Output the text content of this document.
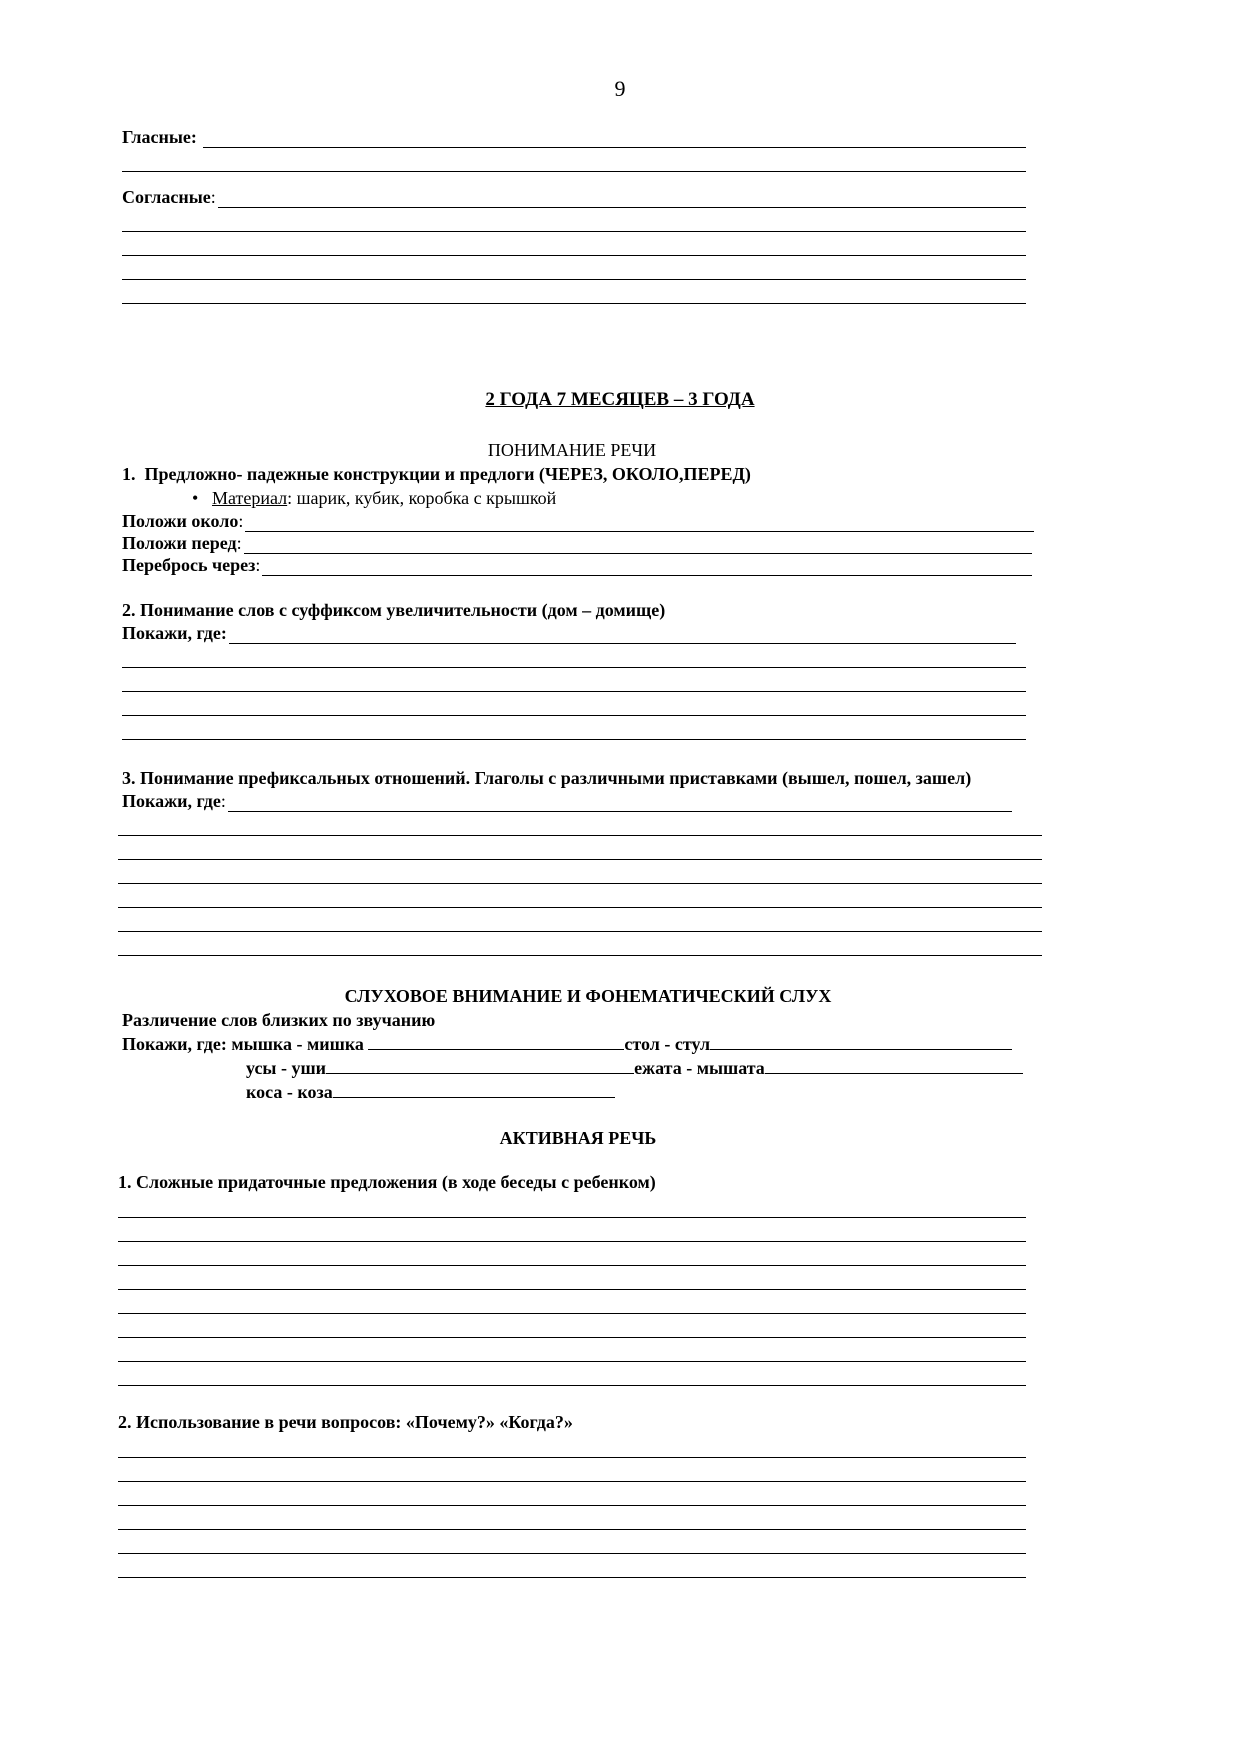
9
Гласные:
Согласные:
2 ГОДА 7 МЕСЯЦЕВ – 3 ГОДА
ПОНИМАНИЕ РЕЧИ
1. Предложно- падежные конструкции и предлоги (ЧЕРЕЗ, ОКОЛО,ПЕРЕД)
• Материал: шарик, кубик, коробка с крышкой
Положи около:
Положи перед:
Переброcь через:
2. Понимание слов с суффиксом увеличительности (дом – домище)
Покажи, где:
3. Понимание префиксальных отношений. Глаголы с различными приставками (вышел, пошел, зашел)
Покажи, где:
СЛУХОВОЕ ВНИМАНИЕ И ФОНЕМАТИЧЕСКИЙ СЛУХ
Различение слов близких по звучанию
Покажи, где: мышка - мишка	стол - стул
усы - уши	ежата - мышата
коса - коза
АКТИВНАЯ РЕЧЬ
1. Сложные придаточные предложения (в ходе беседы с ребенком)
2. Использование в речи вопросов: «Почему?» «Когда?»
